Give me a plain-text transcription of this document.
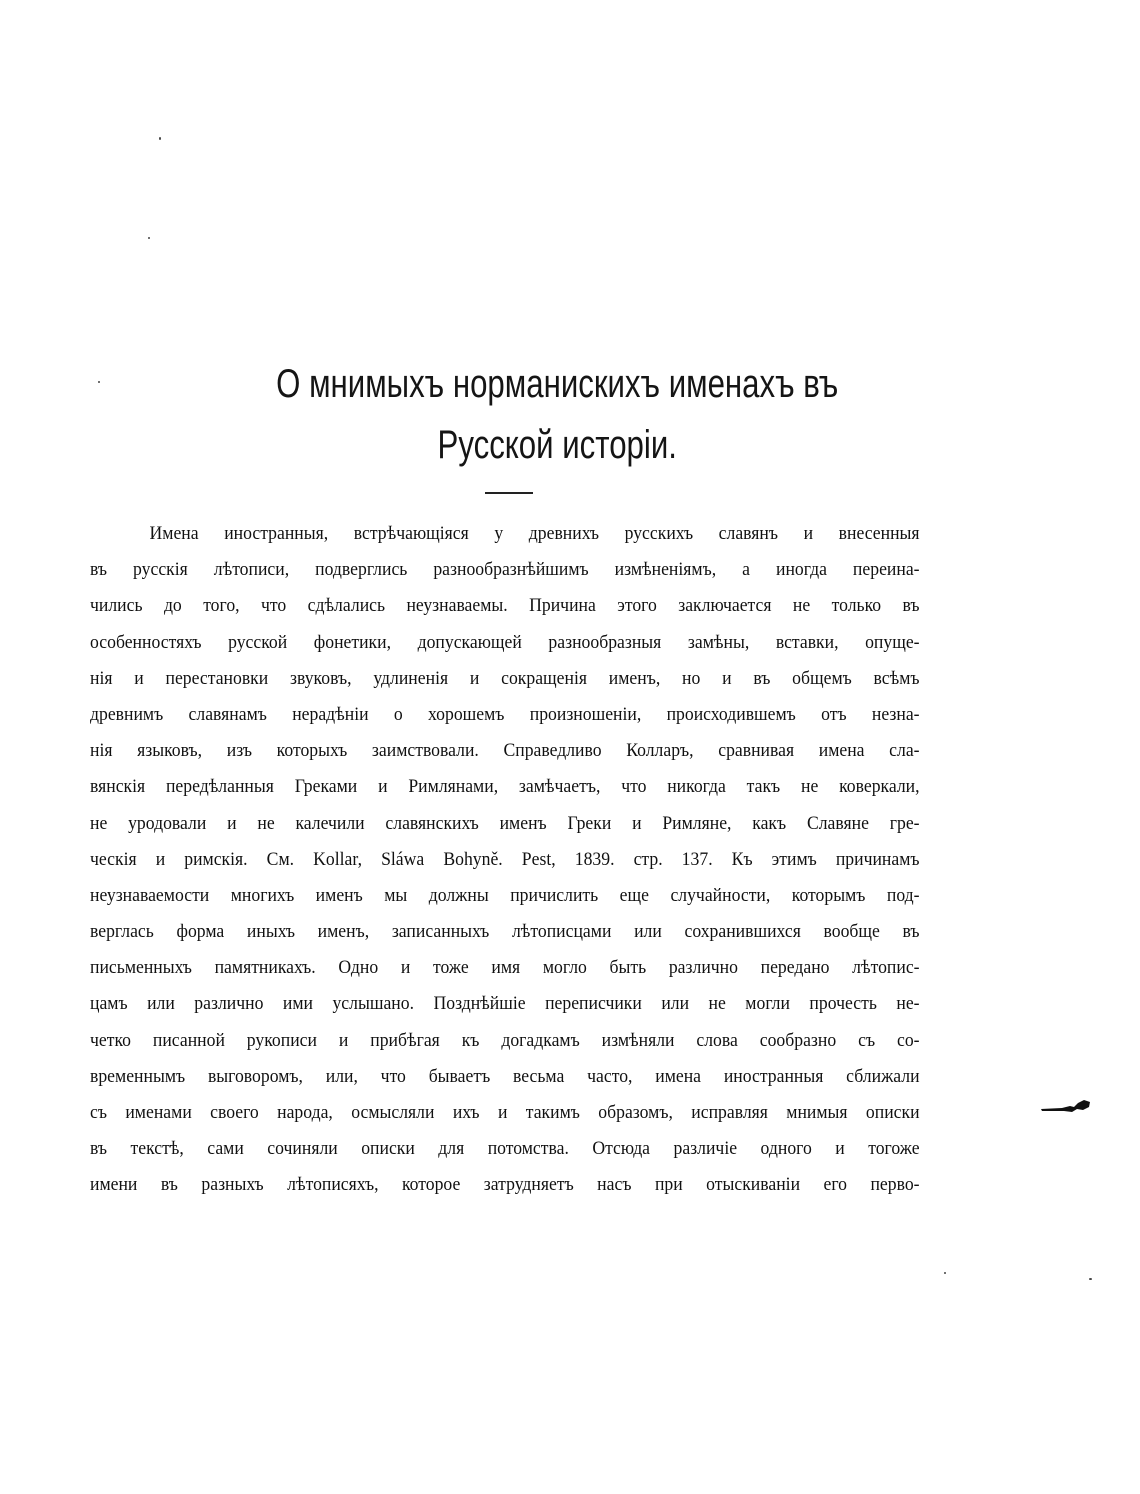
О мнимыхъ норманискихъ именахъ въ
Русской исторіи.
Имена иностранныя, встрѣчающіяся у древнихъ русскихъ славянъ и внесенныя
въ русскія лѣтописи, подверглись разнообразнѣйшимъ измѣненіямъ, а иногда переина-
чились до того, что сдѣлались неузнаваемы. Причина этого заключается не только въ
особенностяхъ русской фонетики, допускающей разнообразныя замѣны, вставки, опуще-
нія и перестановки звуковъ, удлиненія и сокращенія именъ, но и въ общемъ всѣмъ
древнимъ славянамъ нерадѣніи о хорошемъ произношеніи, происходившемъ отъ незна-
нія языковъ, изъ которыхъ заимствовали. Справедливо Колларъ, сравнивая имена сла-
вянскія передѣланныя Греками и Римлянами, замѣчаетъ, что никогда такъ не коверкали,
не уродовали и не калечили славянскихъ именъ Греки и Римляне, какъ Славяне гре-
ческія и римскія. См. Kollar, Sláwa Bohyně. Pest, 1839. стр. 137. Къ этимъ причинамъ
неузнаваемости многихъ именъ мы должны причислить еще случайности, которымъ под-
верглась форма иныхъ именъ, записанныхъ лѣтописцами или сохранившихся вообще въ
письменныхъ памятникахъ. Одно и тоже имя могло быть различно передано лѣтопис-
цамъ или различно ими услышано. Позднѣйшіе переписчики или не могли прочесть не-
четко писанной рукописи и прибѣгая къ догадкамъ измѣняли слова сообразно съ со-
временнымъ выговоромъ, или, что бываетъ весьма часто, имена иностранныя сближали
съ именами своего народа, осмысляли ихъ и такимъ образомъ, исправляя мнимыя описки
въ текстѣ, сами сочиняли описки для потомства. Отсюда различіе одного и тогоже
имени въ разныхъ лѣтописяхъ, которое затрудняетъ насъ при отыскиваніи его перво-
